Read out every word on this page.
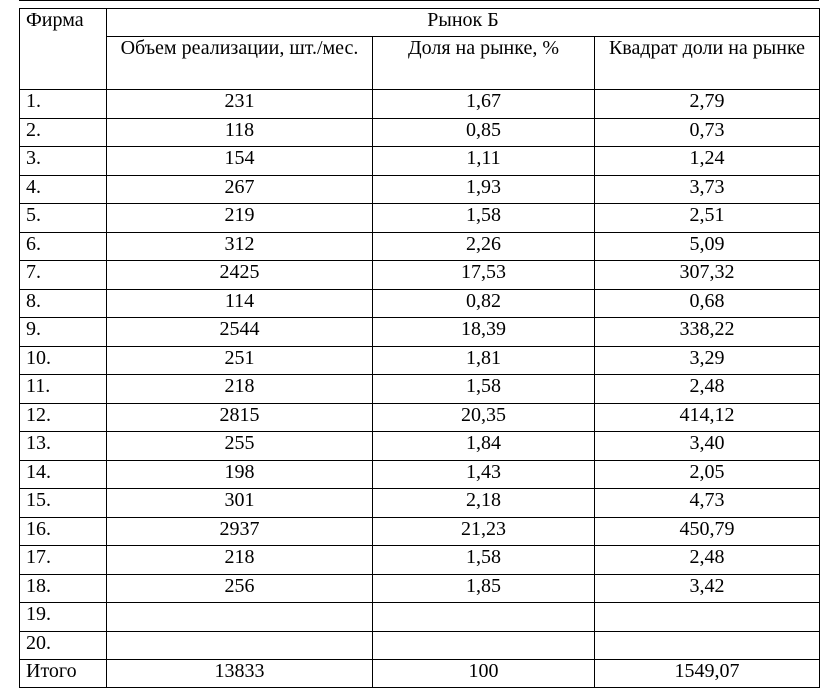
Фирма	Рынок Б		
	Объем реализации, шт./мес.	Доля на рынке, %	Квадрат доли на рынке
1.	231	1,67	2,79
2.	118	0,85	0,73
3.	154	1,11	1,24
4.	267	1,93	3,73
5.	219	1,58	2,51
6.	312	2,26	5,09
7.	2425	17,53	307,32
8.	114	0,82	0,68
9.	2544	18,39	338,22
10.	251	1,81	3,29
11.	218	1,58	2,48
12.	2815	20,35	414,12
13.	255	1,84	3,40
14.	198	1,43	2,05
15.	301	2,18	4,73
16.	2937	21,23	450,79
17.	218	1,58	2,48
18.	256	1,85	3,42
19.			
20.			
Итого	13833	100	1549,07
